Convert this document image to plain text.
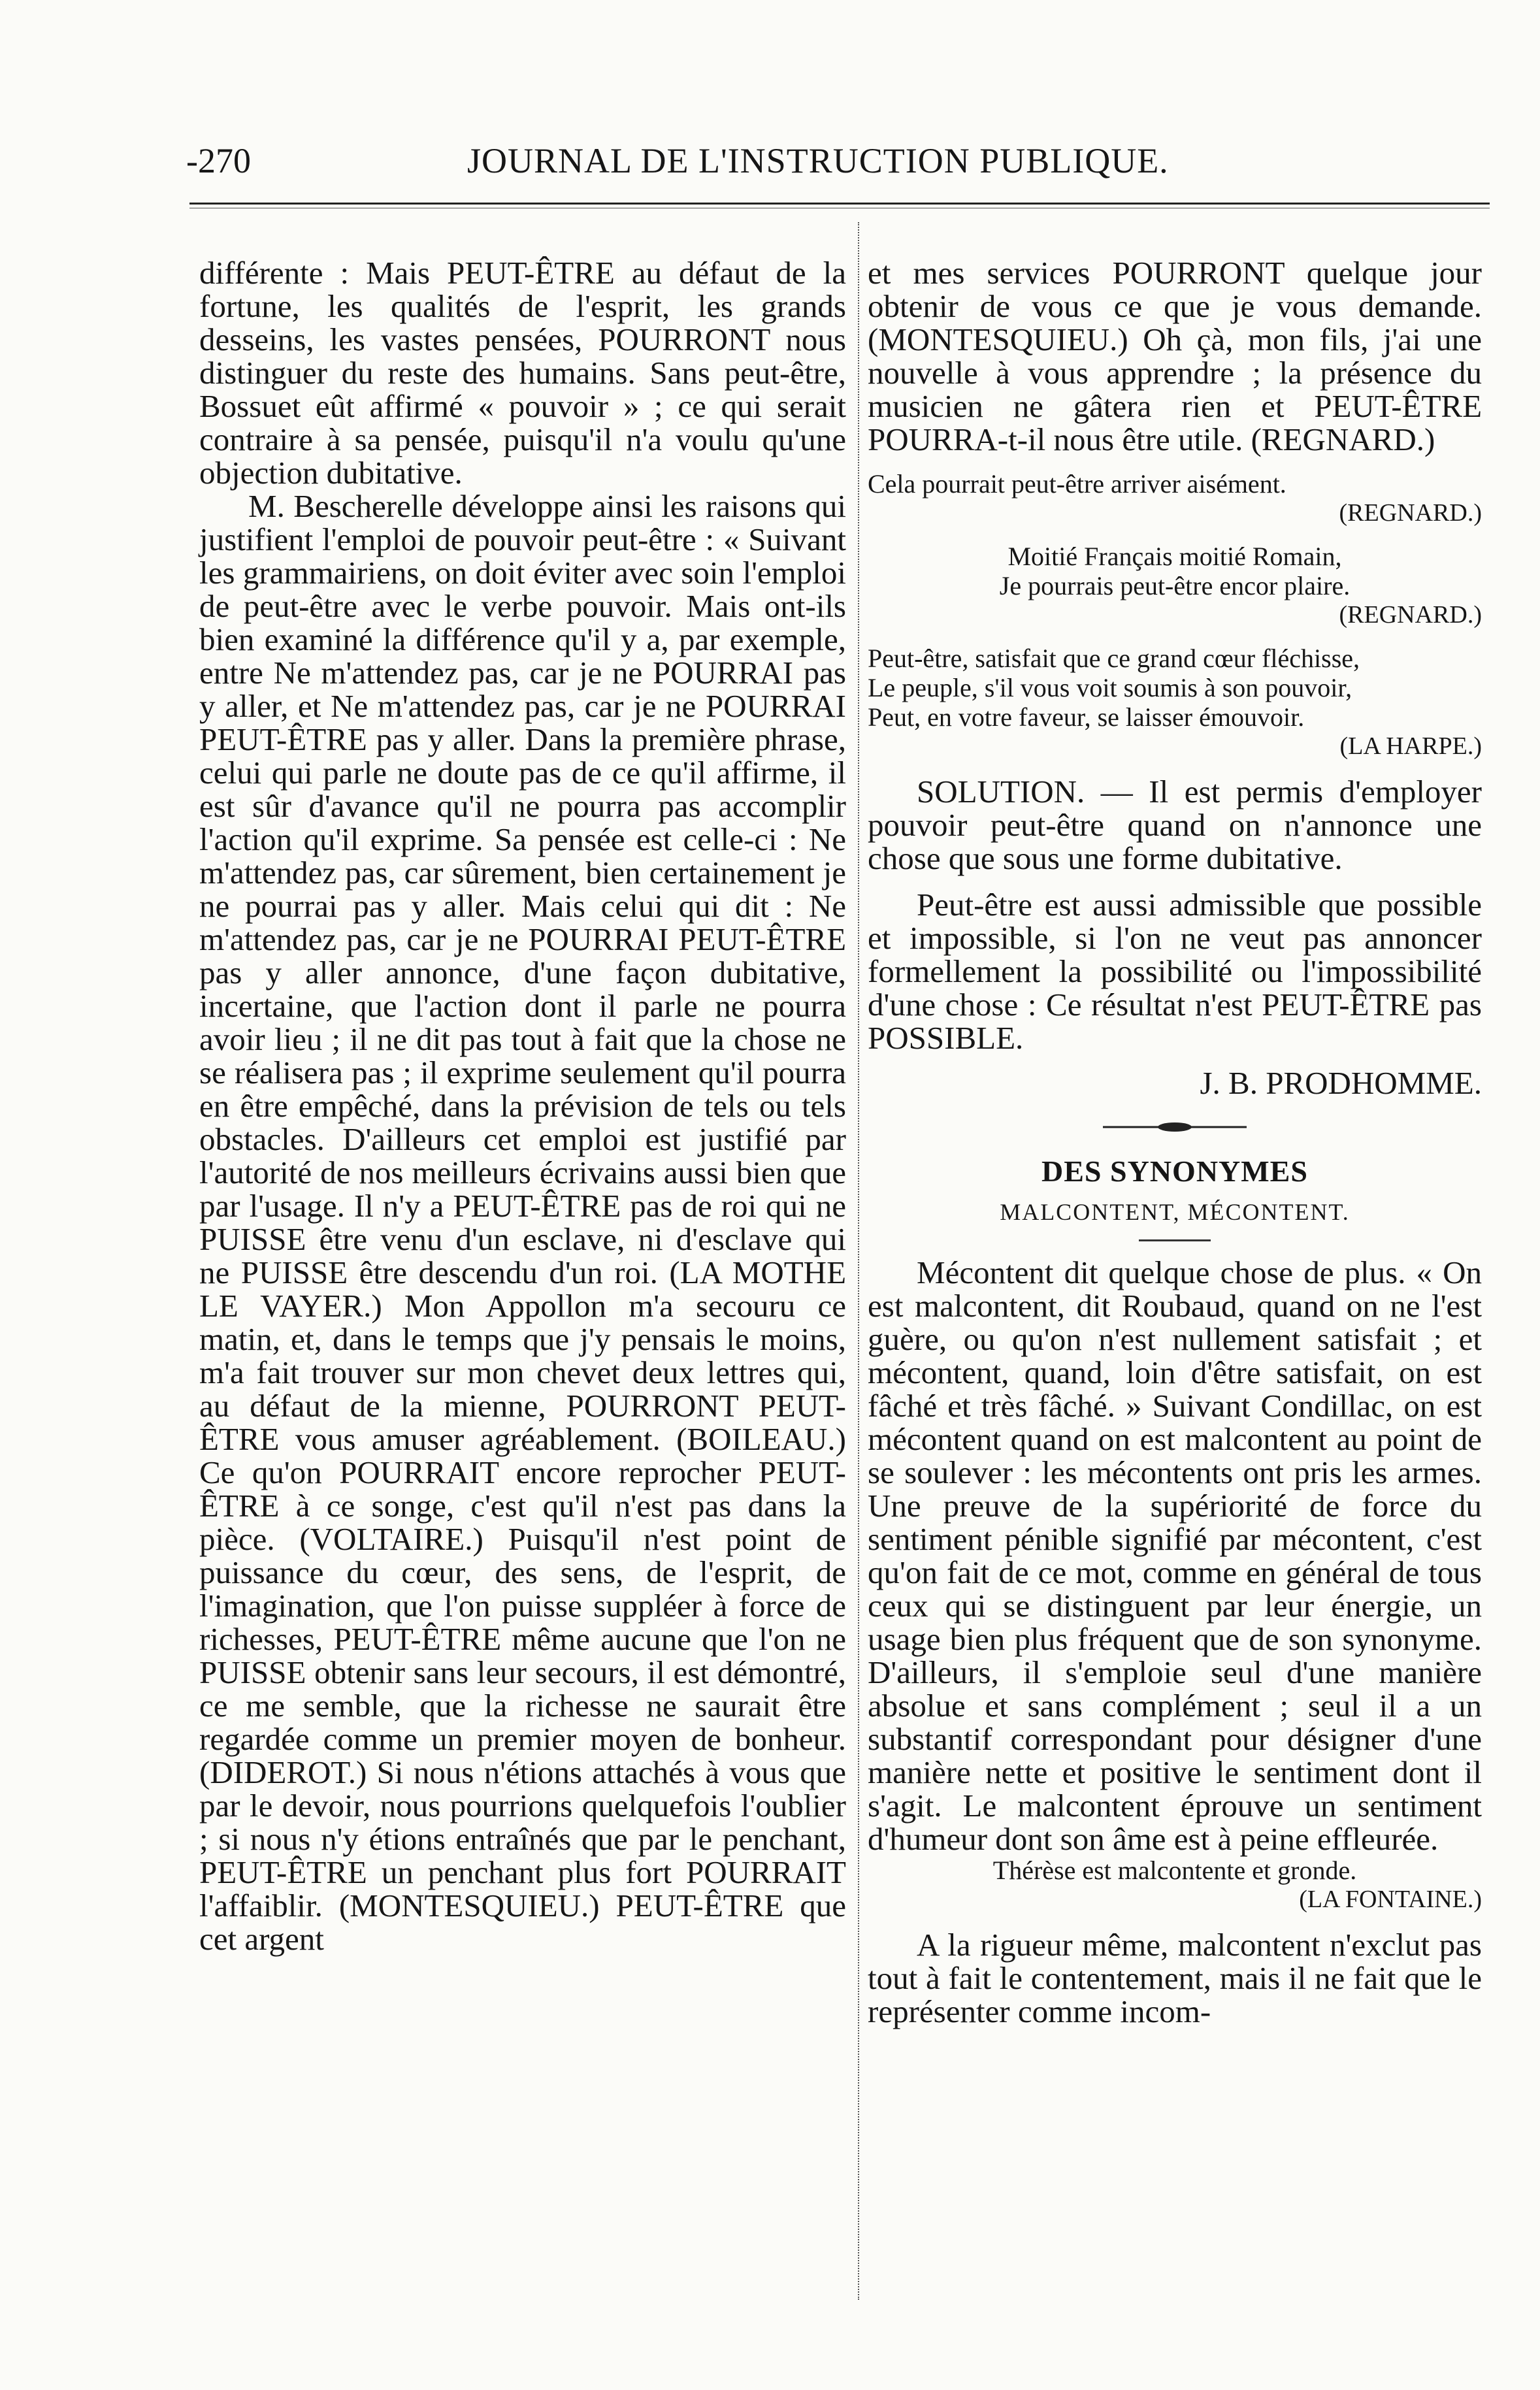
-270	JOURNAL DE L'INSTRUCTION PUBLIQUE.

différente : Mais PEUT-ÊTRE au défaut de la fortune, les qualités de l'esprit, les grands desseins, les vastes pensées, POURRONT nous distinguer du reste des humains. Sans peut-être, Bossuet eût affirmé « pouvoir » ; ce qui serait contraire à sa pensée, puisqu'il n'a voulu qu'une objection dubitative.

M. Bescherelle développe ainsi les raisons qui justifient l'emploi de pouvoir peut-être : « Suivant les grammairiens, on doit éviter avec soin l'emploi de peut-être avec le verbe pouvoir. Mais ont-ils bien examiné la différence qu'il y a, par exemple, entre Ne m'attendez pas, car je ne POURRAI pas y aller, et Ne m'attendez pas, car je ne POURRAI PEUT-ÊTRE pas y aller. Dans la première phrase, celui qui parle ne doute pas de ce qu'il affirme, il est sûr d'avance qu'il ne pourra pas accomplir l'action qu'il exprime. Sa pensée est celle-ci : Ne m'attendez pas, car sûrement, bien certainement je ne pourrai pas y aller. Mais celui qui dit : Ne m'attendez pas, car je ne POURRAI PEUT-ÊTRE pas y aller annonce, d'une façon dubitative, incertaine, que l'action dont il parle ne pourra avoir lieu ; il ne dit pas tout à fait que la chose ne se réalisera pas ; il exprime seulement qu'il pourra en être empêché, dans la prévision de tels ou tels obstacles. D'ailleurs cet emploi est justifié par l'autorité de nos meilleurs écrivains aussi bien que par l'usage. Il n'y a PEUT-ÊTRE pas de roi qui ne PUISSE être venu d'un esclave, ni d'esclave qui ne PUISSE être descendu d'un roi. (LA MOTHE LE VAYER.) Mon Appollon m'a secouru ce matin, et, dans le temps que j'y pensais le moins, m'a fait trouver sur mon chevet deux lettres qui, au défaut de la mienne, POURRONT PEUT-ÊTRE vous amuser agréablement. (BOILEAU.) Ce qu'on POURRAIT encore reprocher PEUT-ÊTRE à ce songe, c'est qu'il n'est pas dans la pièce. (VOLTAIRE.) Puisqu'il n'est point de puissance du cœur, des sens, de l'esprit, de l'imagination, que l'on puisse suppléer à force de richesses, PEUT-ÊTRE même aucune que l'on ne PUISSE obtenir sans leur secours, il est démontré, ce me semble, que la richesse ne saurait être regardée comme un premier moyen de bonheur. (DIDEROT.) Si nous n'étions attachés à vous que par le devoir, nous pourrions quelquefois l'oublier ; si nous n'y étions entraînés que par le penchant, PEUT-ÊTRE un penchant plus fort POURRAIT l'affaiblir. (MONTESQUIEU.) PEUT-ÊTRE que cet argent

et mes services POURRONT quelque jour obtenir de vous ce que je vous demande. (MONTESQUIEU.) Oh çà, mon fils, j'ai une nouvelle à vous apprendre ; la présence du musicien ne gâtera rien et PEUT-ÊTRE POURRA-t-il nous être utile. (REGNARD.)

Cela pourrait peut-être arriver aisément.

(REGNARD.)

Moitié Français moitié Romain,

Je pourrais peut-être encor plaire.

(REGNARD.)

Peut-être, satisfait que ce grand cœur fléchisse,

Le peuple, s'il vous voit soumis à son pouvoir,

Peut, en votre faveur, se laisser émouvoir.

(LA HARPE.)

SOLUTION. — Il est permis d'employer pouvoir peut-être quand on n'annonce une chose que sous une forme dubitative.

Peut-être est aussi admissible que possible et impossible, si l'on ne veut pas annoncer formellement la possibilité ou l'impossibilité d'une chose : Ce résultat n'est PEUT-ÊTRE pas POSSIBLE.

J. B. PRODHOMME.

DES SYNONYMES

MALCONTENT, MÉCONTENT.

Mécontent dit quelque chose de plus. « On est malcontent, dit Roubaud, quand on ne l'est guère, ou qu'on n'est nullement satisfait ; et mécontent, quand, loin d'être satisfait, on est fâché et très fâché. » Suivant Condillac, on est mécontent quand on est malcontent au point de se soulever : les mécontents ont pris les armes. Une preuve de la supériorité de force du sentiment pénible signifié par mécontent, c'est qu'on fait de ce mot, comme en général de tous ceux qui se distinguent par leur énergie, un usage bien plus fréquent que de son synonyme. D'ailleurs, il s'emploie seul d'une manière absolue et sans complément ; seul il a un substantif correspondant pour désigner d'une manière nette et positive le sentiment dont il s'agit. Le malcontent éprouve un sentiment d'humeur dont son âme est à peine effleurée.

Thérèse est malcontente et gronde.

(LA FONTAINE.)

A la rigueur même, malcontent n'exclut pas tout à fait le contentement, mais il ne fait que le représenter comme incom-
